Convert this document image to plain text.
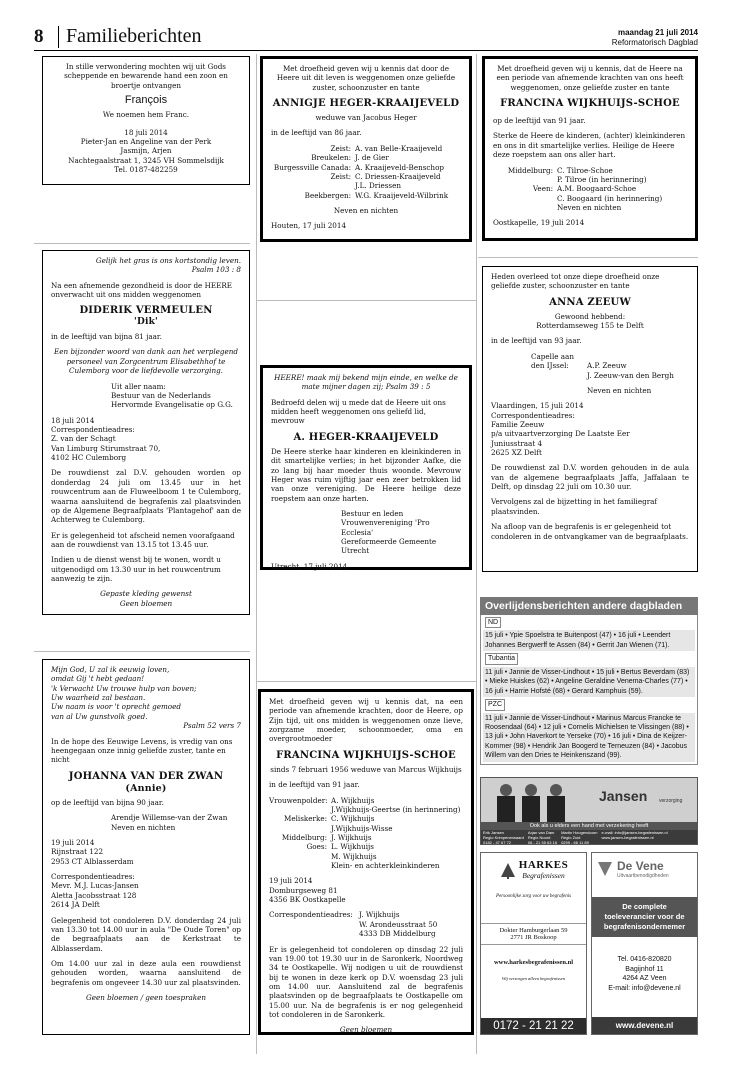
8 Familieberichten	maandag 21 juli 2014
Reformatorisch Dagblad
In stille verwondering mochten wij uit Gods scheppende en bewarende hand een zoon en broertje ontvangen
François
We noemen hem Franc.
18 juli 2014
Pieter-Jan en Angeline van der Perk
Jasmijn, Arjen
Nachtegaalstraat 1, 3245 VH Sommelsdijk
Tel. 0187-482259
Met droefheid geven wij u kennis dat door de Heere uit dit leven is weggenomen onze geliefde zuster, schoonzuster en tante
ANNIGJE HEGER-KRAAIJEVELD
weduwe van Jacobus Heger
in de leeftijd van 86 jaar.
Zeist: A. van Belle-Kraaijeveld
Breukelen: J. de Gier
Burgessville Canada: A. Kraaijeveld-Benschop
Zeist: C. Driessen-Kraaijeveld
J.L. Driessen
Beekbergen: W.G. Kraaijeveld-Wilbrink
Neven en nichten
Houten, 17 juli 2014
Met droefheid geven wij u kennis, dat de Heere na een periode van afnemende krachten van ons heeft weggenomen, onze geliefde zuster en tante
FRANCINA WIJKHUIJS-SCHOE
op de leeftijd van 91 jaar.
Sterke de Heere de kinderen, (achter) kleinkinderen en ons in dit smartelijke verlies. Heilige de Heere deze roepstem aan ons aller hart.
Middelburg: C. Tilroe-Schoe
P. Tilroe (in herinnering)
Veen: A.M. Boogaard-Schoe
C. Boogaard (in herinnering)
Neven en nichten
Oostkapelle, 19 juli 2014
Gelijk het gras is ons kortstondig leven.
Psalm 103 : 8
Na een afnemende gezondheid is door de HEERE onverwacht uit ons midden weggenomen
DIDERIK VERMEULEN
'Dik'
in de leeftijd van bijna 81 jaar.
Een bijzonder woord van dank aan het verplegend personeel van Zorgcentrum Elisabethhof te Culemborg voor de liefdevolle verzorging.
Uit aller naam:
Bestuur van de Nederlands
Hervormde Evangelisatie op G.G.
18 juli 2014
Correspondentieadres:
Z. van der Schagt
Van Limburg Stirumstraat 70,
4102 HC Culemborg
De rouwdienst zal D.V. gehouden worden op donderdag 24 juli om 13.45 uur in het rouwcentrum aan de Fluweelboom 1 te Culemborg, waarna aansluitend de begrafenis zal plaatsvinden op de Algemene Begraafplaats 'Plantagehof' aan de Achterweg te Culemborg.
Er is gelegenheid tot afscheid nemen voorafgaand aan de rouwdienst van 13.15 tot 13.45 uur.
Indien u de dienst wenst bij te wonen, wordt u uitgenodigd om 13.30 uur in het rouwcentrum aanwezig te zijn.
Gepaste kleding gewenst
Geen bloemen
HEERE! maak mij bekend mijn einde, en welke de mate mijner dagen zij; Psalm 39 : 5
Bedroefd delen wij u mede dat de Heere uit ons midden heeft weggenomen ons geliefd lid, mevrouw
A. HEGER-KRAAIJEVELD
De Heere sterke haar kinderen en kleinkinderen in dit smartelijke verlies; in het bijzonder Aafke, die zo lang bij haar moeder thuis woonde. Mevrouw Heger was ruim vijftig jaar een zeer betrokken lid van onze vereniging. De Heere heilige deze roepstem aan onze harten.
Bestuur en leden
Vrouwenvereniging 'Pro Ecclesia'
Gereformeerde Gemeente Utrecht
Utrecht, 17 juli 2014
Heden overleed tot onze diepe droefheid onze geliefde zuster, schoonzuster en tante
ANNA ZEEUW
Gewoond hebbend:
Rotterdamseweg 155 te Delft
in de leeftijd van 93 jaar.
Capelle aan
den IJssel:	A.P. Zeeuw
J. Zeeuw-van den Bergh
Neven en nichten
Vlaardingen, 15 juli 2014
Correspondentieadres:
Familie Zeeuw
p/a uitvaartverzorging De Laatste Eer
Juniusstraat 4
2625 XZ Delft
De rouwdienst zal D.V. worden gehouden in de aula van de algemene begraafplaats Jaffa, Jaffalaan te Delft, op dinsdag 22 juli om 10.30 uur.
Vervolgens zal de bijzetting in het familiegraf plaatsvinden.
Na afloop van de begrafenis is er gelegenheid tot condoleren in de ontvangkamer van de begraafplaats.
Overlijdensberichten andere dagbladen
ND
15 juli • Ypie Spoelstra te Buitenpost (47) • 16 juli • Leendert Johannes Bergwerff te Assen (84) • Gerrit Jan Wienen (71).
Tubantia
11 juli • Jannie de Visser-Lindhout • 15 juli • Bertus Beverdam (83) • Mieke Huiskes (62) • Angeline Geraldine Venema-Charles (77) • 16 juli • Harrie Hofsté (68) • Gerard Kamphuis (59).
PZC
11 juli • Jannie de Visser-Lindhout • Marinus Marcus Francke te Roosendaal (64) • 12 juli • Cornelis Michielsen te Vlissingen (88) • 13 juli • John Haverkort te Yerseke (70) • 16 juli • Dina de Keijzer-Kommer (98) • Hendrik Jan Boogerd te Terneuzen (84) • Jacobus Willem van den Dries te Heinkenszand (99).
Mijn God, U zal ik eeuwig loven,
omdat Gij 't hebt gedaan!
'k Verwacht Uw trouwe hulp van boven;
Uw waarheid zal bestaan.
Uw naam is voor 't oprecht gemoed
van al Uw gunstvolk goed.
Psalm 52 vers 7
In de hope des Eeuwige Levens, is vredig van ons heengegaan onze innig geliefde zuster, tante en nicht
JOHANNA VAN DER ZWAN
(Annie)
op de leeftijd van bijna 90 jaar.
Arendje Willemse-van der Zwan
Neven en nichten
19 juli 2014
Rijnstraat 122
2953 CT Alblasserdam
Correspondentieadres:
Mevr. M.J. Lucas-Jansen
Aletta Jacobsstraat 128
2614 JA Delft
Gelegenheid tot condoleren D.V. donderdag 24 juli van 13.30 tot 14.00 uur in aula "De Oude Toren" op de begraafplaats aan de Kerkstraat te Alblasserdam.
Om 14.00 uur zal in deze aula een rouwdienst gehouden worden, waarna aansluitend de begrafenis om ongeveer 14.30 uur zal plaatsvinden.
Geen bloemen / geen toespraken
Met droefheid geven wij u kennis dat, na een periode van afnemende krachten, door de Heere, op Zijn tijd, uit ons midden is weggenomen onze lieve, zorgzame moeder, schoonmoeder, oma en overgrootmoeder
FRANCINA WIJKHUIJS-SCHOE
sinds 7 februari 1956 weduwe van Marcus Wijkhuijs
in de leeftijd van 91 jaar.
Vrouwenpolder: A. Wijkhuijs
J.Wijkhuijs-Geertse (in herinnering)
Meliskerke: C. Wijkhuijs
J.Wijkhuijs-Wisse
Middelburg: J. Wijkhuijs
Goes: L. Wijkhuijs
M. Wijkhuijs
Klein- en achterkleinkinderen
19 juli 2014
Domburgseweg 81
4356 BK Oostkapelle
Correspondentieadres: J. Wijkhuijs
W. Arondeusstraat 50
4333 DB Middelburg
Er is gelegenheid tot condoleren op dinsdag 22 juli van 19.00 tot 19.30 uur in de Saronkerk, Noordweg 34 te Oostkapelle. Wij nodigen u uit de rouwdienst bij te wonen in deze kerk op D.V. woensdag 23 juli om 14.00 uur. Aansluitend zal de begrafenis plaatsvinden op de begraafplaats te Oostkapelle om 15.00 uur. Na de begrafenis is er nog gelegenheid tot condoleren in de Saronkerk.
Geen bloemen
Jansen verzorging
Ook als u elders een hand met verzekering heeft
Erik Jansen
Regio Krimpenerwaard
0182 - 47 67 72
Arjan van Dam
Regio Noord
06 - 21 55 63 16
Martin Hoogendoorn
Regio Zuid
0299 - 66 11 89
e-mail: info@jansen-begrafenissen.nl
www.jansen-begrafenissen.nl
HARKES
Begrafenissen
Persoonlijke zorg voor uw begrafenis
Dokter Hamburgerlaan 59
2771 JR Boskoop
www.harkesbegrafenissen.nl
Wij verzorgen alleen begrafenissen
0172 - 21 21 22
De Vene
Uitvaartbenodigdheden
De complete
toeleverancier voor de
begrafenisondernemer
Tel. 0416-820820
Bagijnhof 11
4264 AZ Veen
E-mail: info@devene.nl
www.devene.nl
